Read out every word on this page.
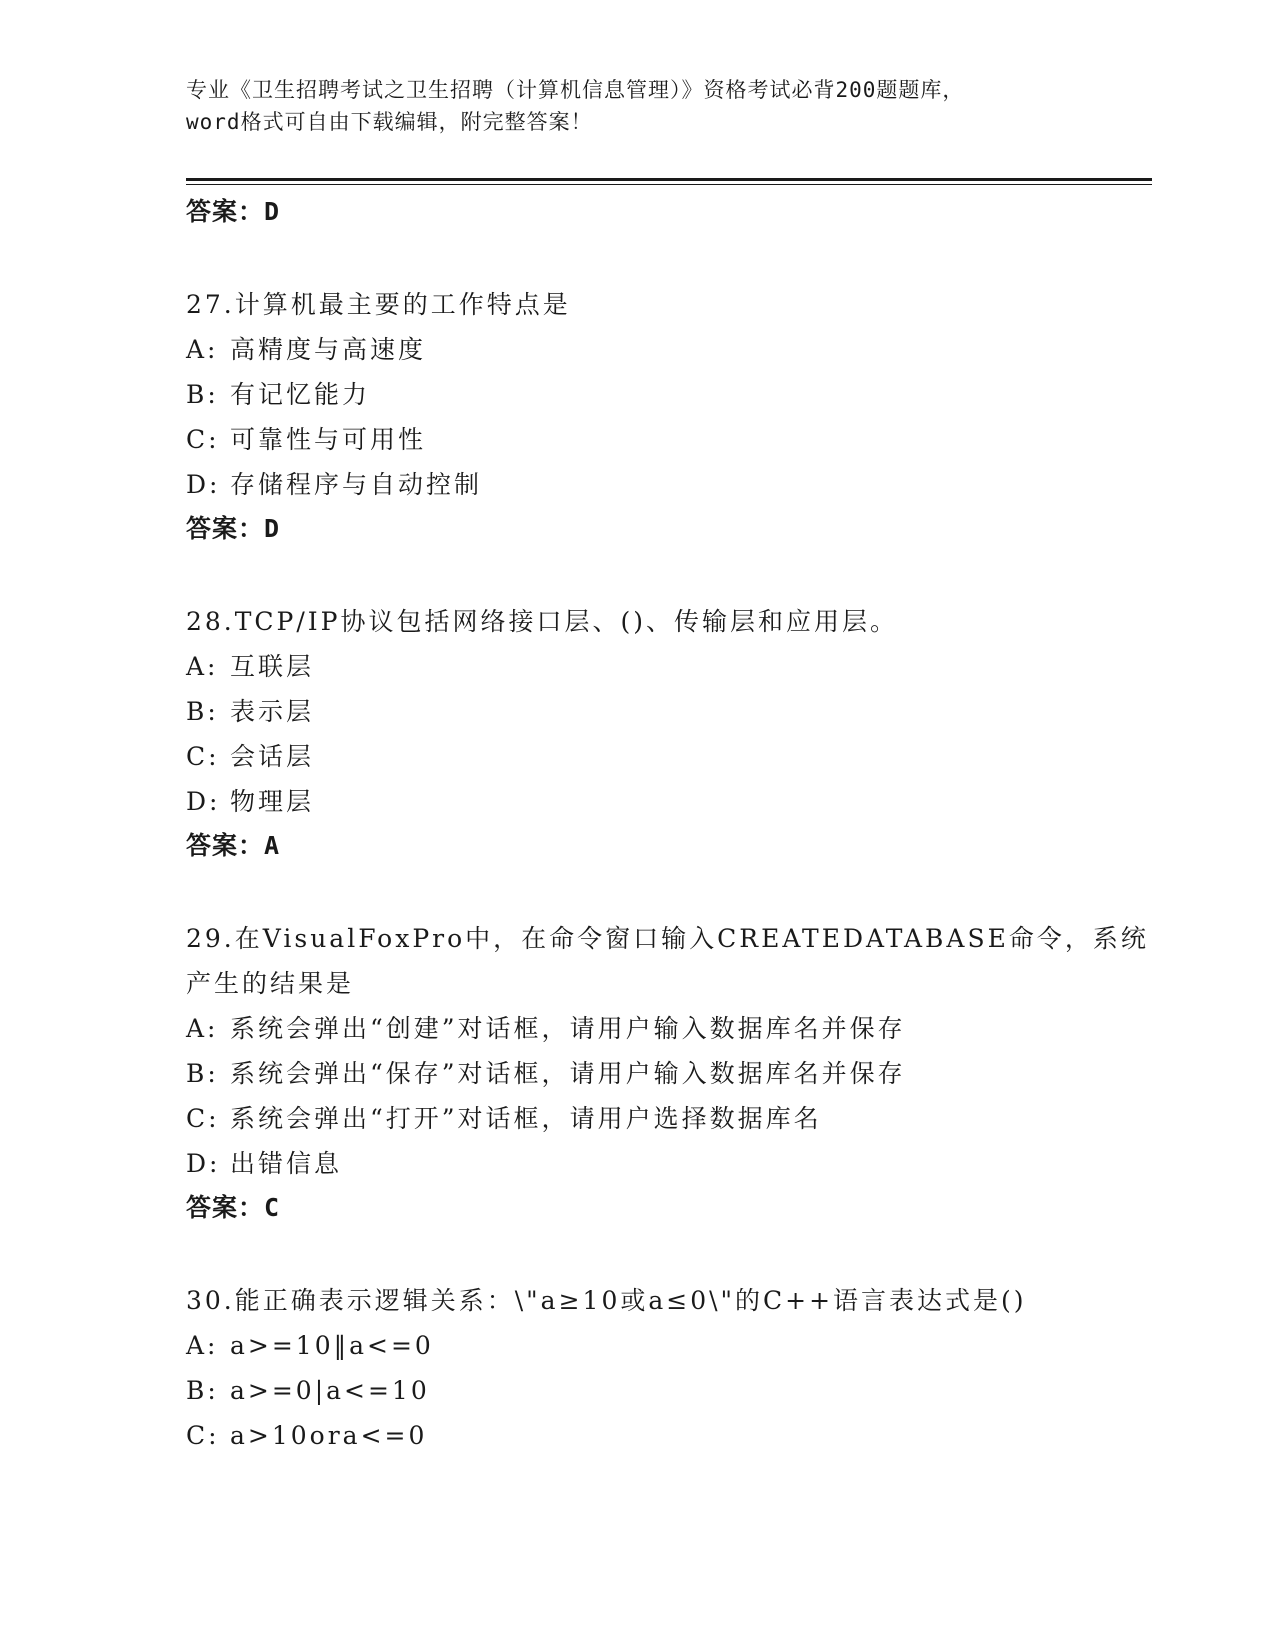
专业《卫生招聘考试之卫生招聘（计算机信息管理）》资格考试必背200题题库，
word格式可自由下载编辑，附完整答案！
答案：D
27.计算机最主要的工作特点是
A: 高精度与高速度
B: 有记忆能力
C: 可靠性与可用性
D: 存储程序与自动控制
答案：D
28.TCP/IP协议包括网络接口层、()、传输层和应用层。
A: 互联层
B: 表示层
C: 会话层
D: 物理层
答案：A
29.在VisualFoxPro中，在命令窗口输入CREATEDATABASE命令，系统
产生的结果是
A: 系统会弹出“创建”对话框，请用户输入数据库名并保存
B: 系统会弹出“保存”对话框，请用户输入数据库名并保存
C: 系统会弹出“打开”对话框，请用户选择数据库名
D: 出错信息
答案：C
30.能正确表示逻辑关系：\"a≥10或a≤0\"的C++语言表达式是()
A: a>=10‖a<=0
B: a>=0|a<=10
C: a>10ora<=0
